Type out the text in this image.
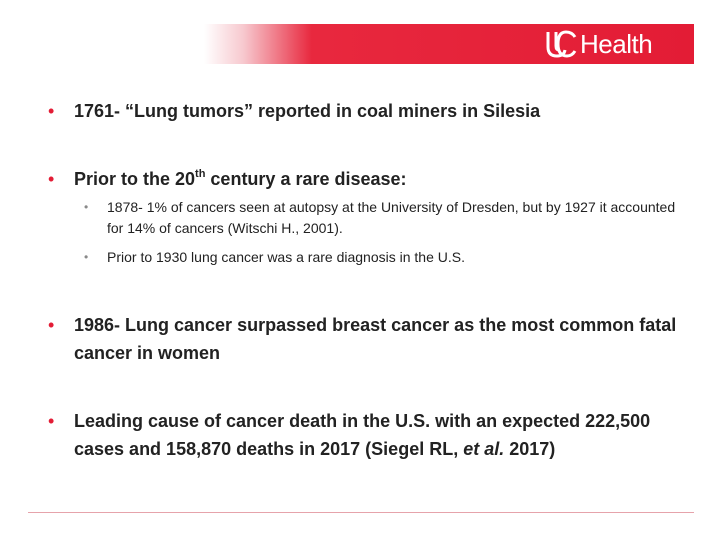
Health
•	1761- “Lung tumors” reported in coal miners in Silesia
•	Prior to the 20th century a rare disease:
•	1878- 1% of cancers seen at autopsy at the University of Dresden, but by 1927 it accounted for 14% of cancers (Witschi H., 2001).
•	Prior to 1930 lung cancer was a rare diagnosis in the U.S.
•	1986- Lung cancer surpassed breast cancer as the most common fatal cancer in women
•	Leading cause of cancer death in the U.S. with an expected 222,500 cases and 158,870 deaths in 2017 (Siegel RL, et al. 2017)
